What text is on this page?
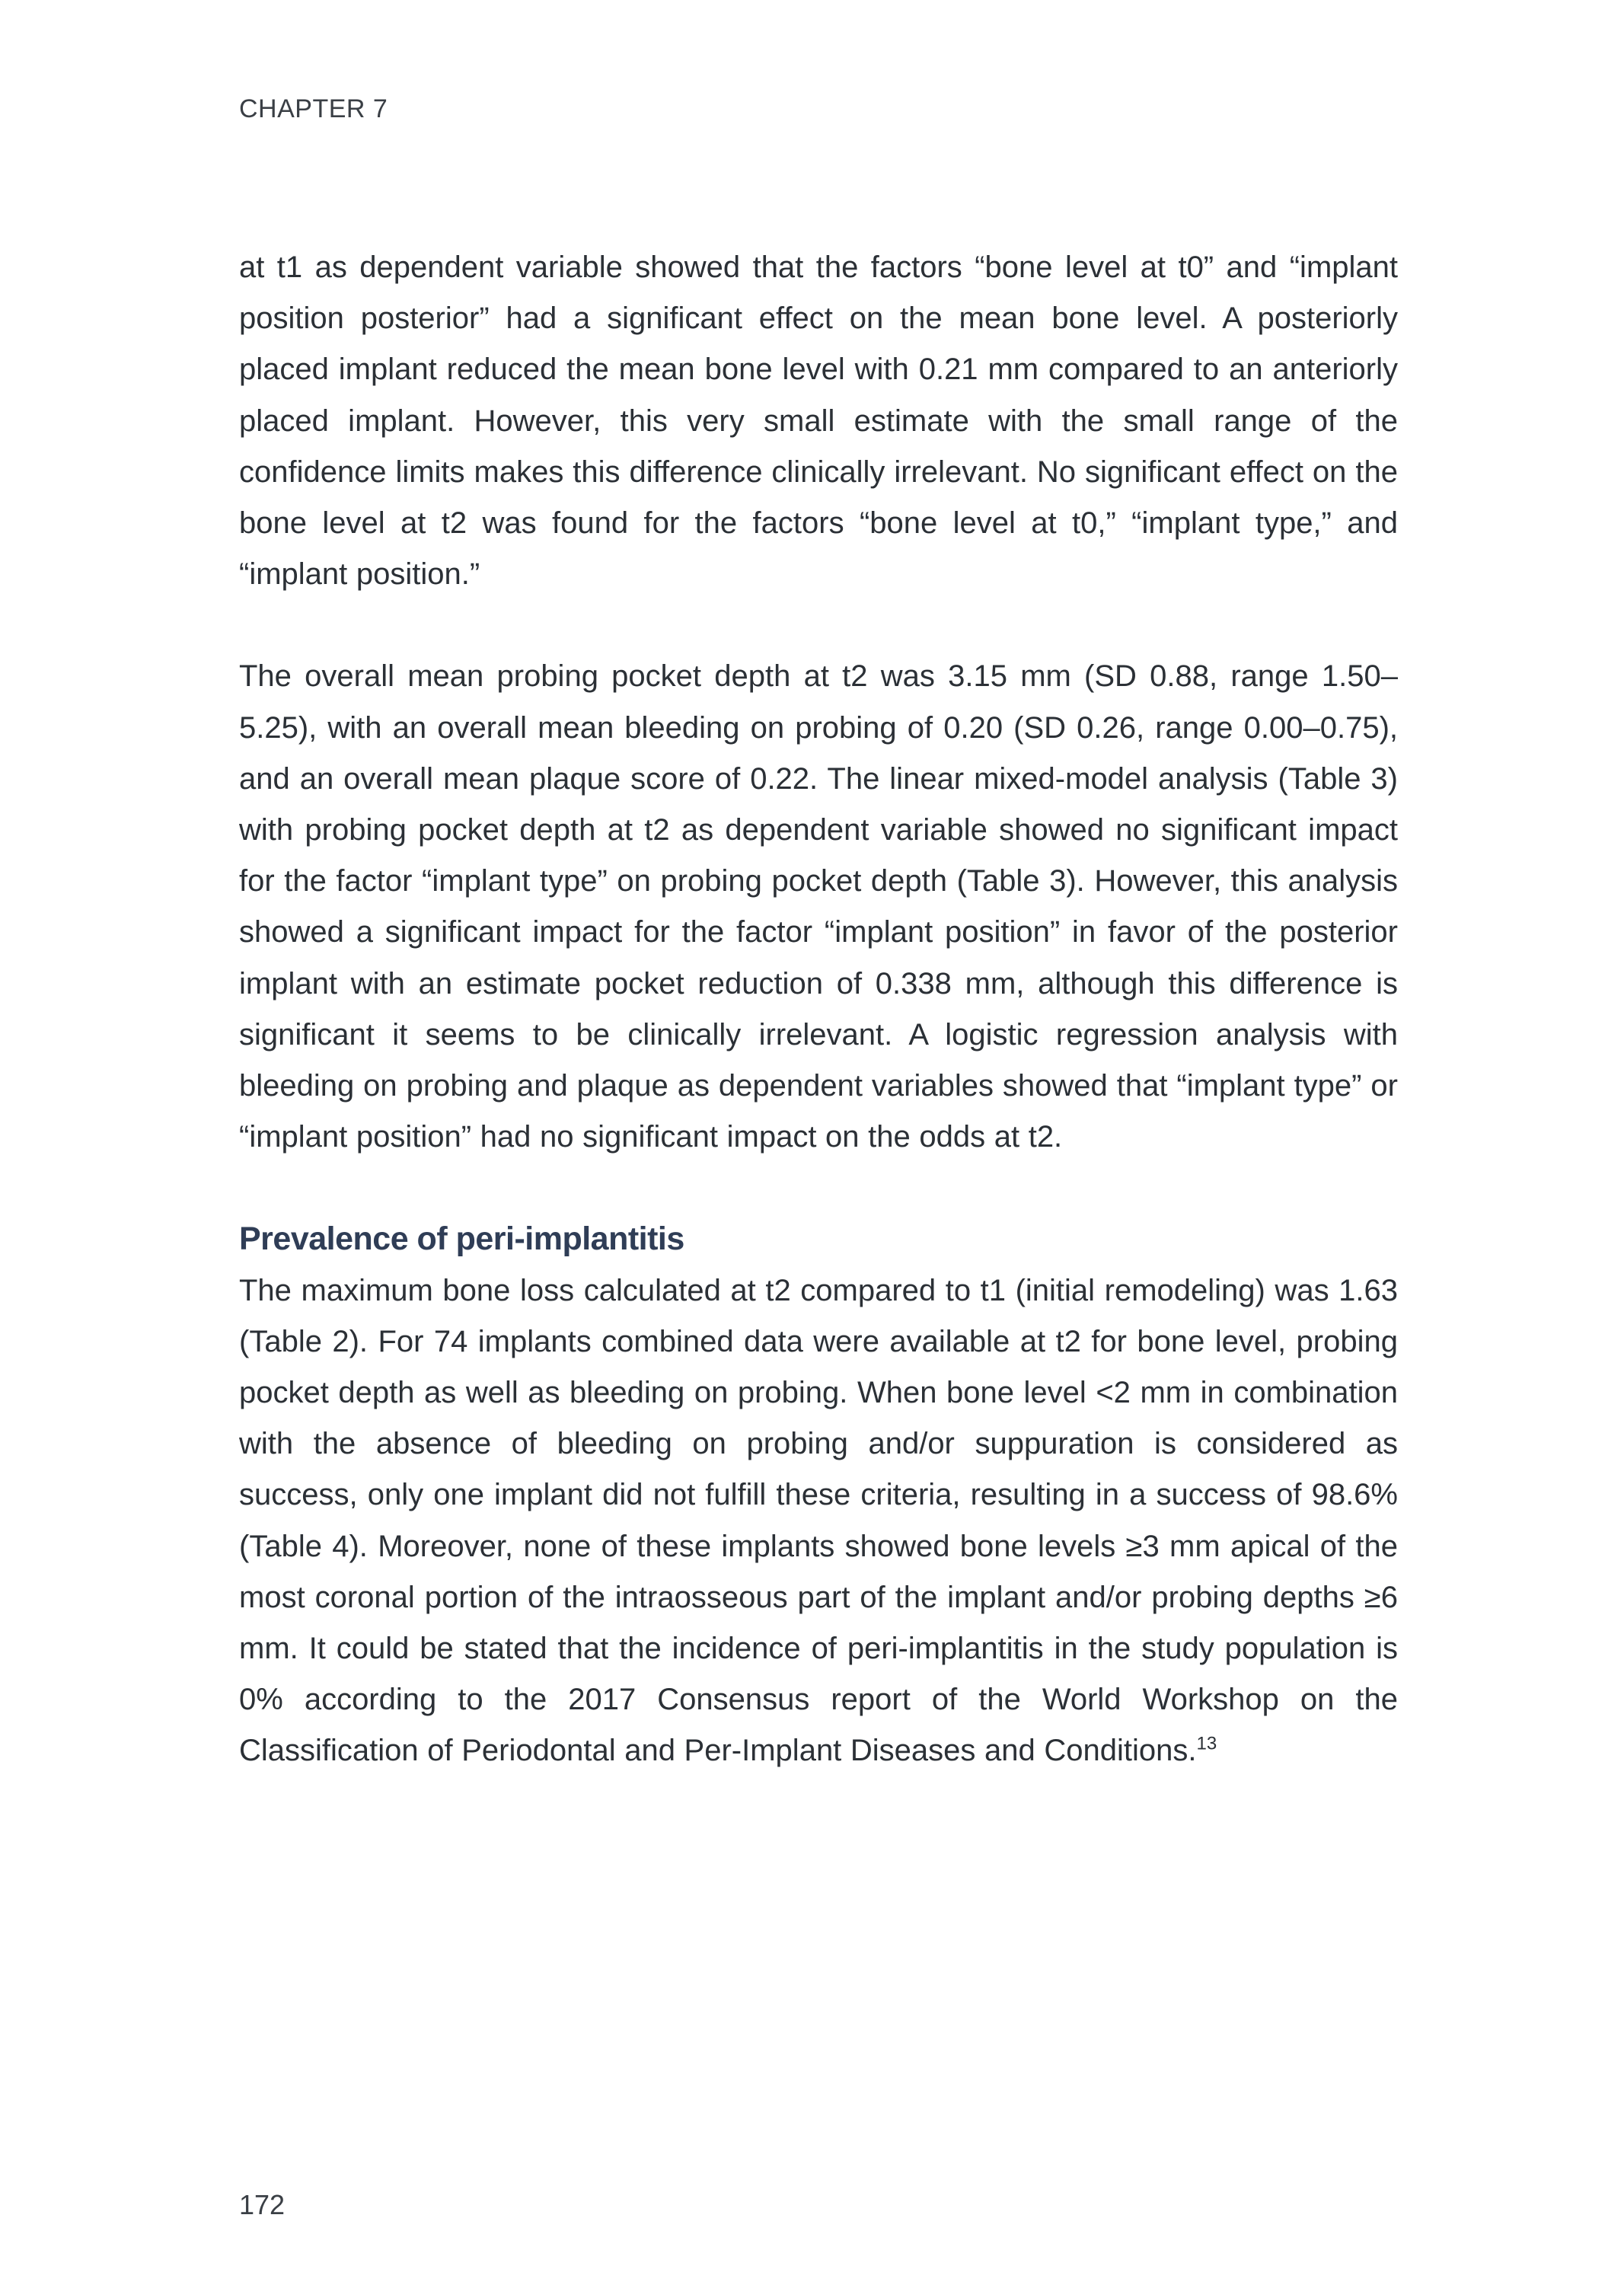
CHAPTER 7

at t1 as dependent variable showed that the factors “bone level at t0” and “implant position posterior” had a significant effect on the mean bone level. A posteriorly placed implant reduced the mean bone level with 0.21 mm compared to an anteriorly placed implant. However, this very small estimate with the small range of the confidence limits makes this difference clinically irrelevant. No significant effect on the bone level at t2 was found for the factors “bone level at t0,” “implant type,” and “implant position.”

The overall mean probing pocket depth at t2 was 3.15 mm (SD 0.88, range 1.50–5.25), with an overall mean bleeding on probing of 0.20 (SD 0.26, range 0.00–0.75), and an overall mean plaque score of 0.22. The linear mixed-model analysis (Table 3) with probing pocket depth at t2 as dependent variable showed no significant impact for the factor “implant type” on probing pocket depth (Table 3). However, this analysis showed a significant impact for the factor “implant position” in favor of the posterior implant with an estimate pocket reduction of 0.338 mm, although this difference is significant it seems to be clinically irrelevant. A logistic regression analysis with bleeding on probing and plaque as dependent variables showed that “implant type” or “implant position” had no significant impact on the odds at t2.

Prevalence of peri-implantitis

The maximum bone loss calculated at t2 compared to t1 (initial remodeling) was 1.63 (Table 2). For 74 implants combined data were available at t2 for bone level, probing pocket depth as well as bleeding on probing. When bone level <2 mm in combination with the absence of bleeding on probing and/or suppuration is considered as success, only one implant did not fulfill these criteria, resulting in a success of 98.6% (Table 4). Moreover, none of these implants showed bone levels ≥3 mm apical of the most coronal portion of the intraosseous part of the implant and/or probing depths ≥6 mm. It could be stated that the incidence of peri-implantitis in the study population is 0% according to the 2017 Consensus report of the World Workshop on the Classification of Periodontal and Per-Implant Diseases and Conditions.$^{13}$

172
